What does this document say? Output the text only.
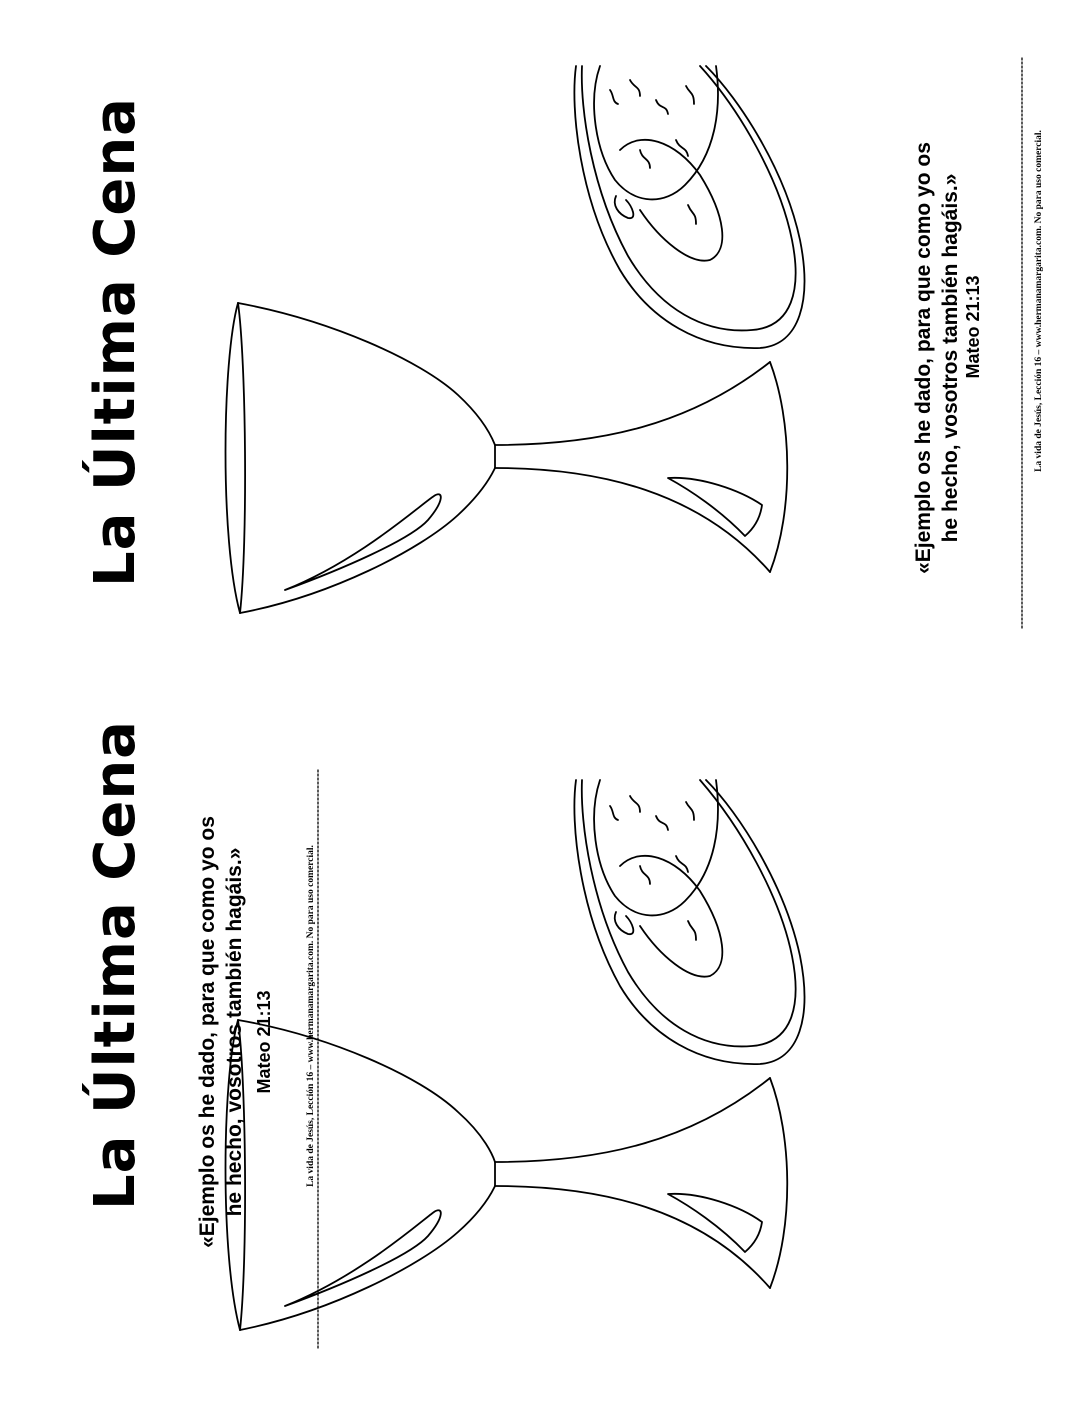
La Última Cena	«Ejemplo os he dado, para que como yo os he hecho, vosotros también hagáis.» Mateo 21:13	La vida de Jesús, Lección 16 – www.hermanamargarita.com. No para uso comercial.
La Última Cena «Ejemplo os he dado, para que como yo os he hecho, vosotros también hagáis.» Mateo 21:13	La vida de Jesús, Lección 16 – www.hermanamargarita.com. No para uso comercial.
